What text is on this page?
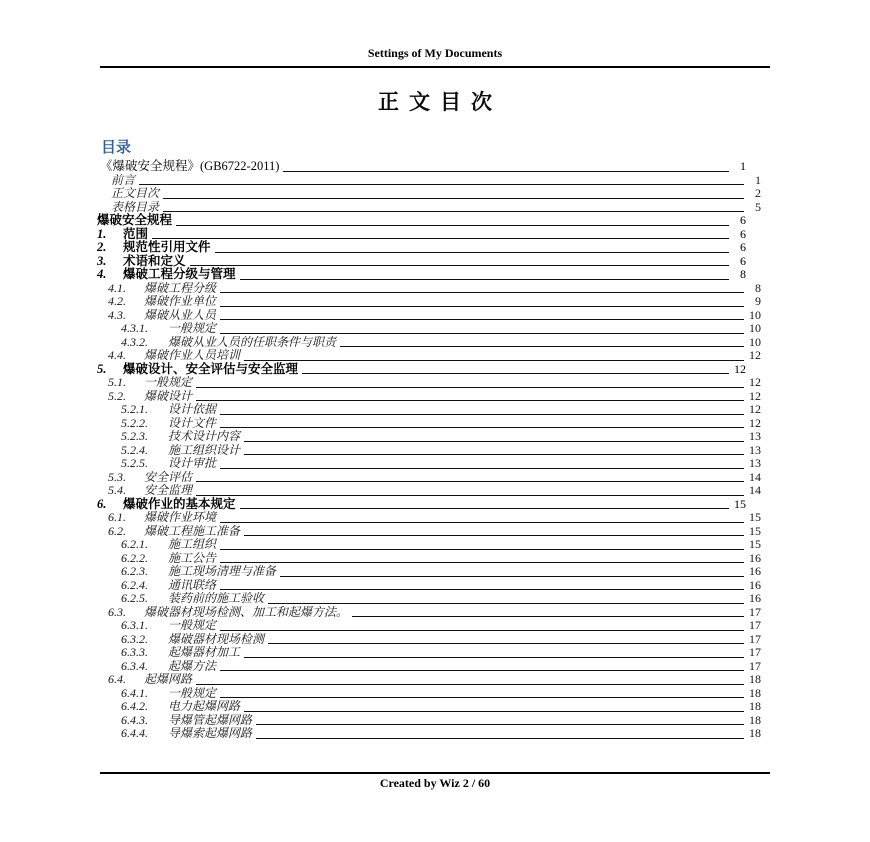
Settings of My Documents
正文目次
目录
《爆破安全规程》(GB6722-2011)	1
前言	1
正文目次	2
表格目录	5
爆破安全规程	6
1.	范围	6
2.	规范性引用文件	6
3.	术语和定义	6
4.	爆破工程分级与管理	8
4.1.	爆破工程分级	8
4.2.	爆破作业单位	9
4.3.	爆破从业人员	10
4.3.1.	一般规定	10
4.3.2.	爆破从业人员的任职条件与职责	10
4.4.	爆破作业人员培训	12
5.	爆破设计、安全评估与安全监理	12
5.1.	一般规定	12
5.2.	爆破设计	12
5.2.1.	设计依据	12
5.2.2.	设计文件	12
5.2.3.	技术设计内容	13
5.2.4.	施工组织设计	13
5.2.5.	设计审批	13
5.3.	安全评估	14
5.4.	安全监理	14
6.	爆破作业的基本规定	15
6.1.	爆破作业环境	15
6.2.	爆破工程施工准备	15
6.2.1.	施工组织	15
6.2.2.	施工公告	16
6.2.3.	施工现场清理与准备	16
6.2.4.	通讯联络	16
6.2.5.	装药前的施工验收	16
6.3.	爆破器材现场检测、加工和起爆方法。	17
6.3.1.	一般规定	17
6.3.2.	爆破器材现场检测	17
6.3.3.	起爆器材加工	17
6.3.4.	起爆方法	17
6.4.	起爆网路	18
6.4.1.	一般规定	18
6.4.2.	电力起爆网路	18
6.4.3.	导爆管起爆网路	18
6.4.4.	导爆索起爆网路	18
Created by Wiz 2 / 60
